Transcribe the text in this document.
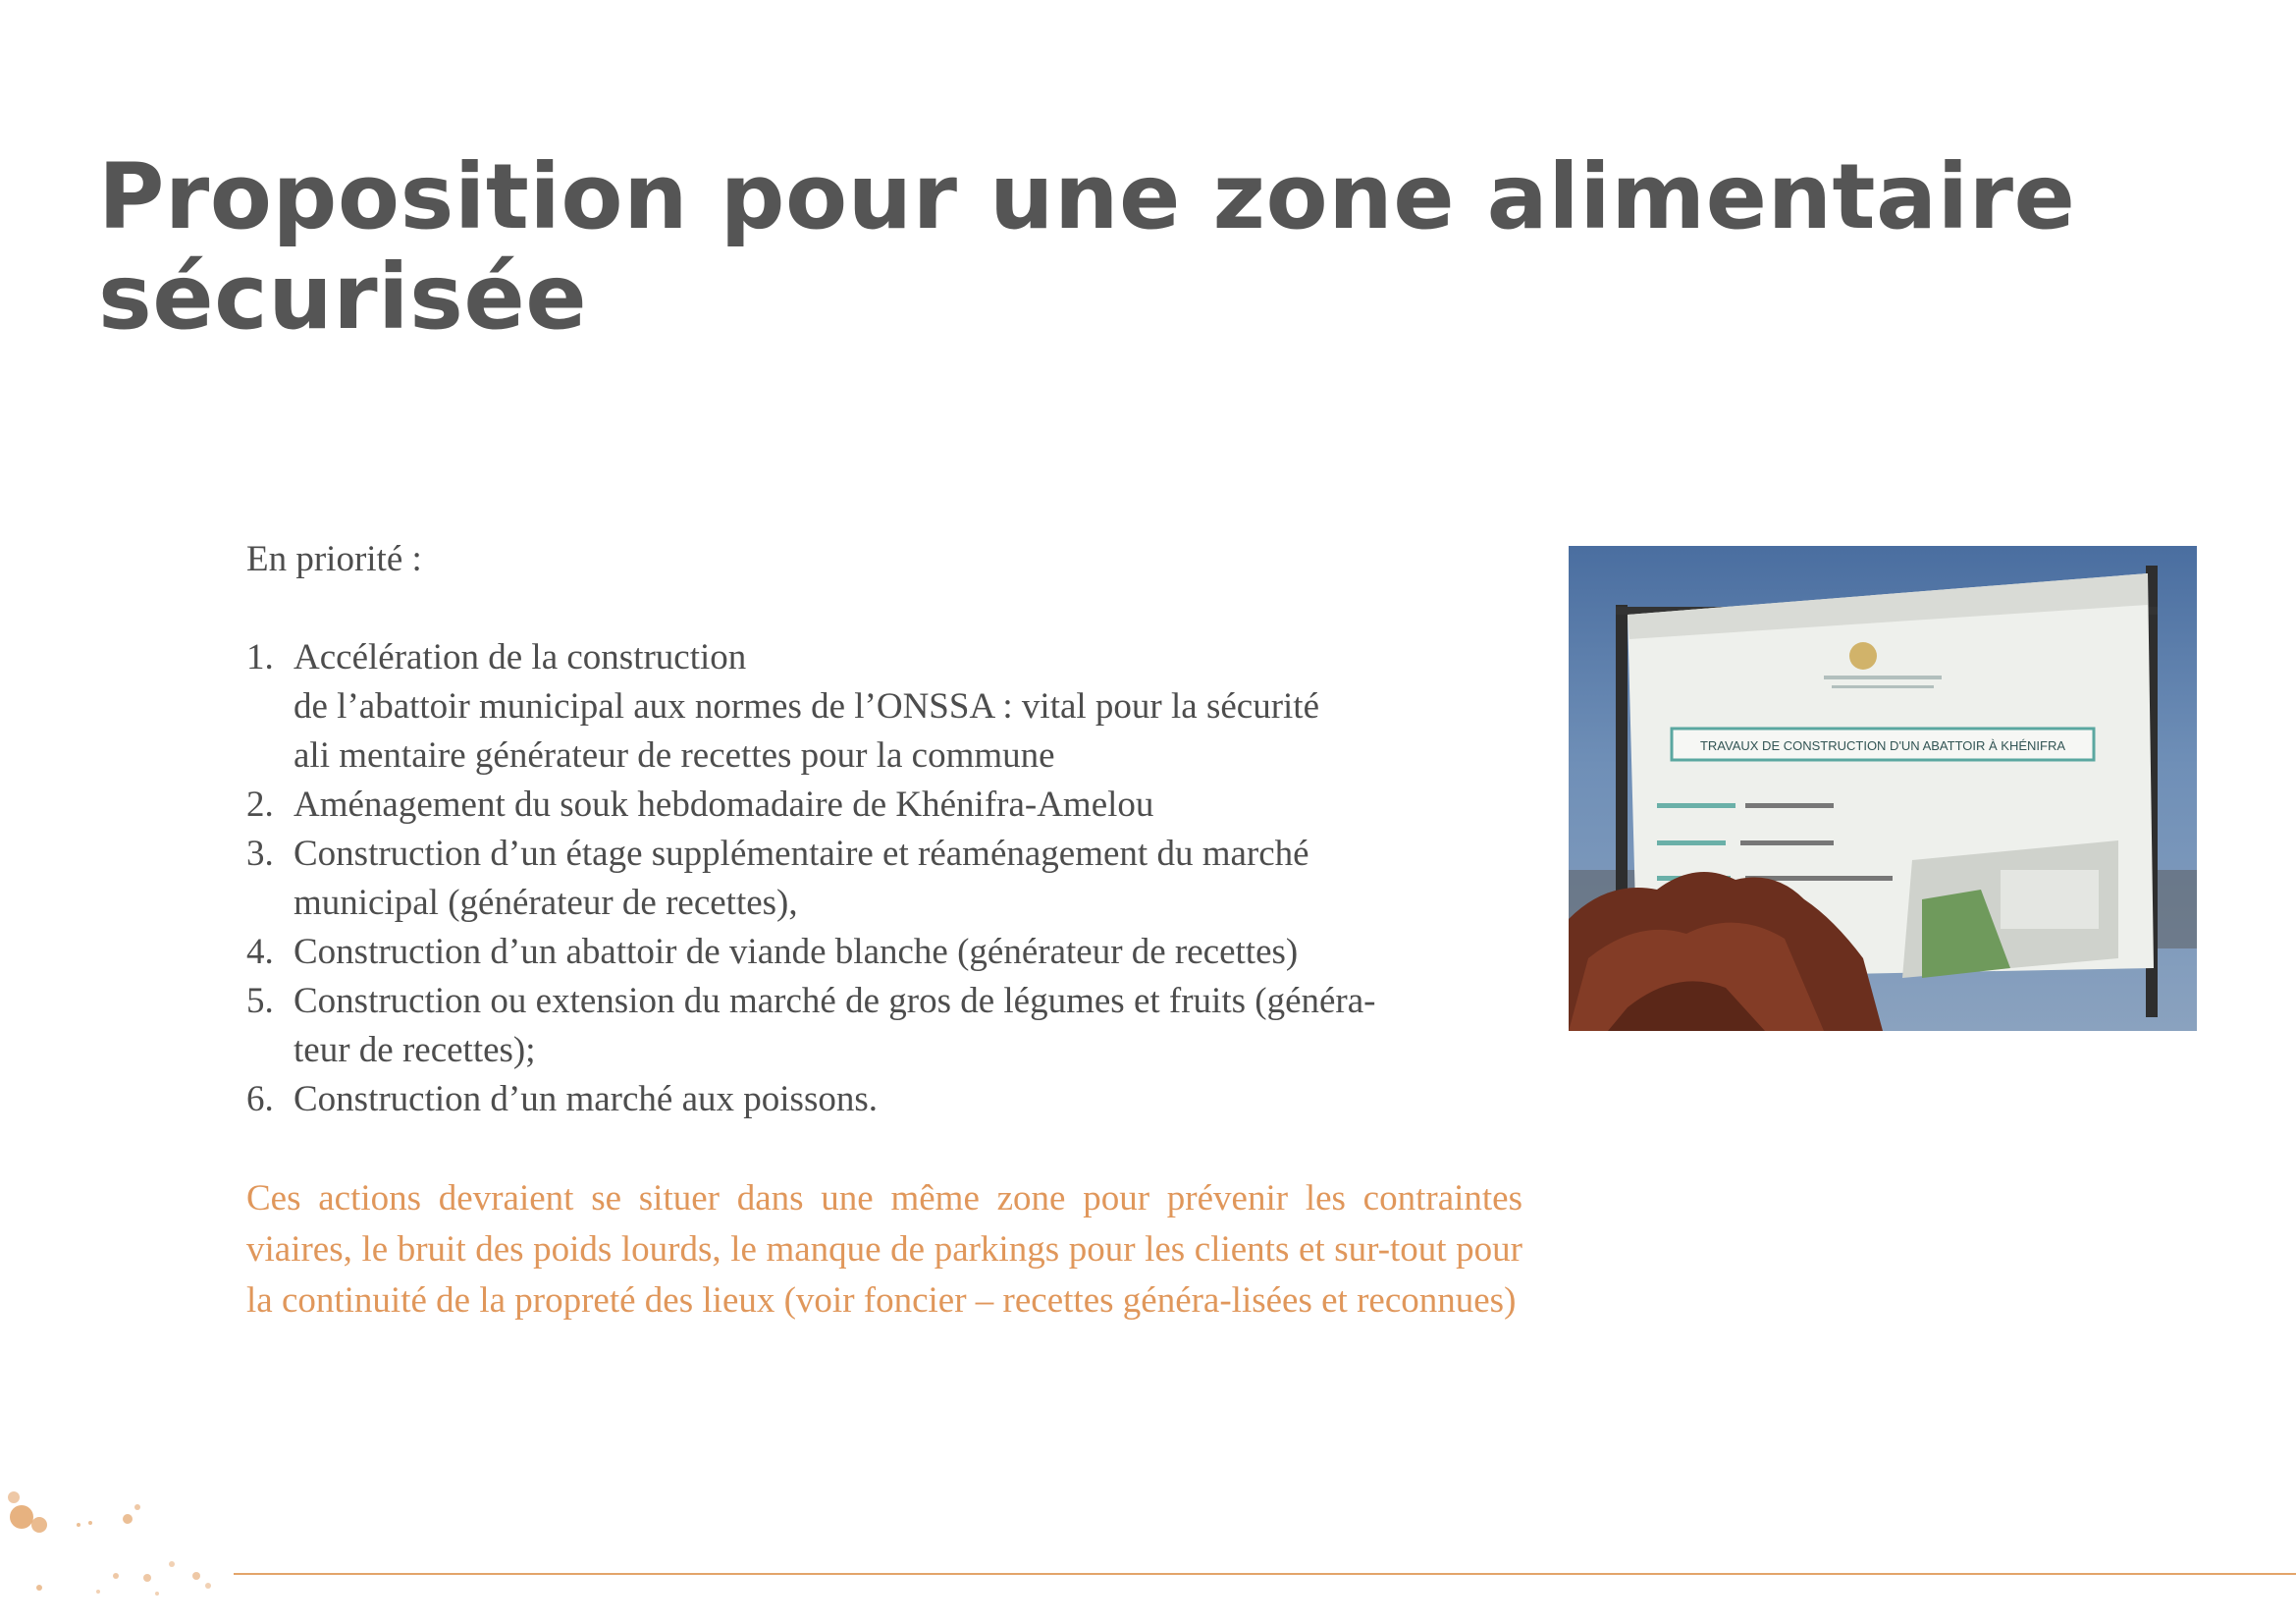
Proposition pour une zone alimentaire sécurisée

En priorité :

1. Accélération de la construction
de l’abattoir municipal aux normes de l’ONSSA : vital pour la sécurité
ali mentaire générateur de recettes pour la commune
2. Aménagement du souk hebdomadaire de Khénifra-Amelou
3. Construction d’un étage supplémentaire et réaménagement du marché
municipal (générateur de recettes),
4. Construction d’un abattoir de viande blanche (générateur de recettes)
5. Construction ou extension du marché de gros de légumes et fruits (généra-
teur de recettes);
6. Construction d’un marché aux poissons.

Ces actions devraient se situer dans une même zone pour prévenir les contraintes viaires, le bruit des poids lourds, le manque de parkings pour les clients et sur-tout pour la continuité de la propreté des lieux (voir foncier – recettes généra-lisées et reconnues)

TRAVAUX DE CONSTRUCTION D'UN ABATTOIR À KHÉNIFRA
